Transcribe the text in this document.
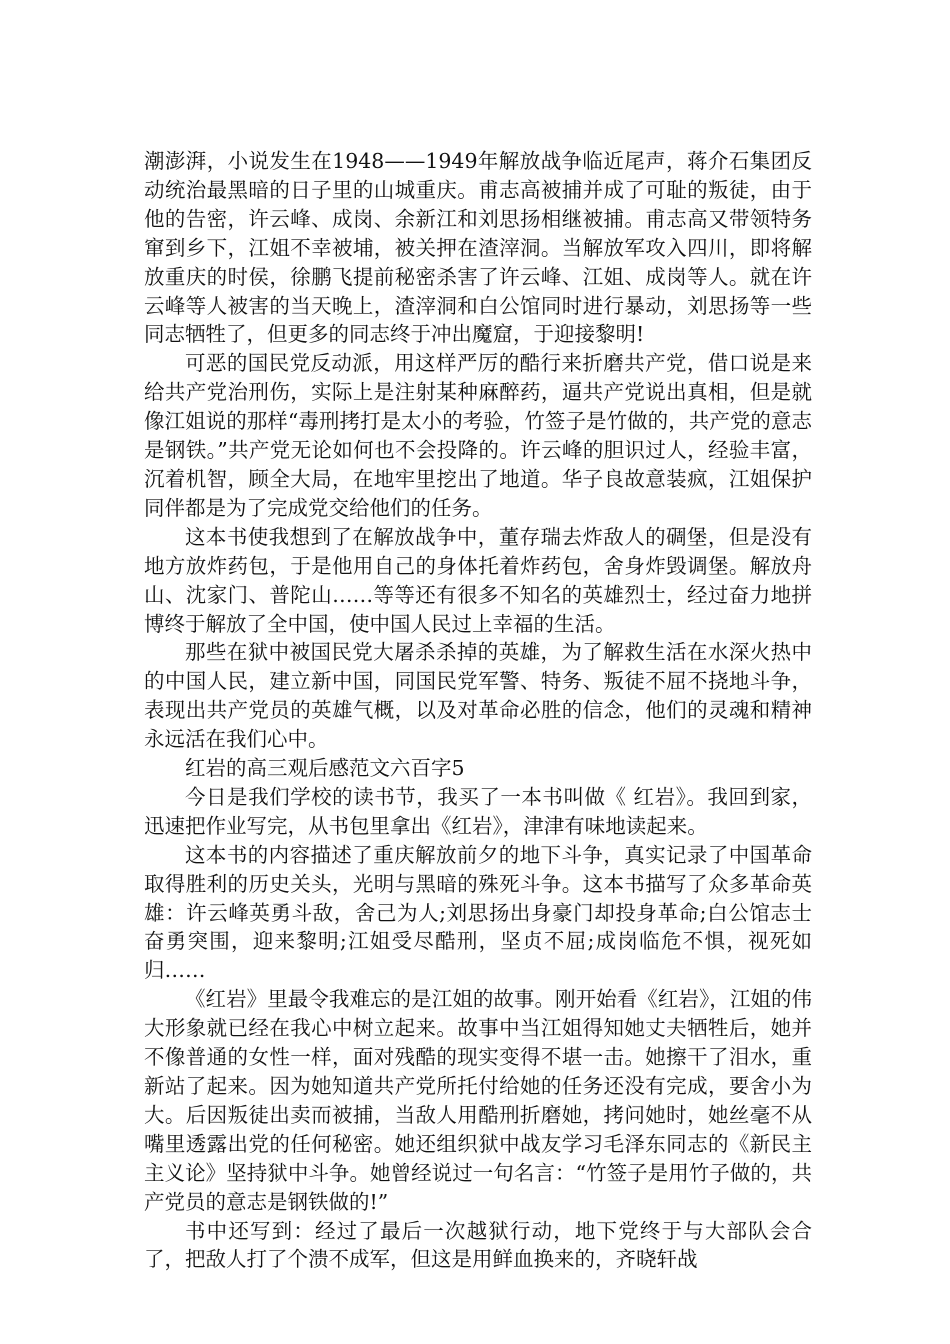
潮澎湃，小说发生在1948——1949年解放战争临近尾声，蒋介石集团反动统治最黑暗的日子里的山城重庆。甫志高被捕并成了可耻的叛徒，由于他的告密，许云峰、成岗、余新江和刘思扬相继被捕。甫志高又带领特务窜到乡下，江姐不幸被埔，被关押在渣滓洞。当解放军攻入四川，即将解放重庆的时侯，徐鹏飞提前秘密杀害了许云峰、江姐、成岗等人。就在许云峰等人被害的当天晚上，渣滓洞和白公馆同时进行暴动，刘思扬等一些同志牺牲了，但更多的同志终于冲出魔窟，于迎接黎明!

可恶的国民党反动派，用这样严厉的酷行来折磨共产党，借口说是来给共产党治刑伤，实际上是注射某种麻醉药，逼共产党说出真相，但是就像江姐说的那样“毒刑拷打是太小的考验，竹签子是竹做的，共产党的意志是钢铁。”共产党无论如何也不会投降的。许云峰的胆识过人，经验丰富，沉着机智，顾全大局，在地牢里挖出了地道。华子良故意装疯，江姐保护同伴都是为了完成党交给他们的任务。

这本书使我想到了在解放战争中，董存瑞去炸敌人的碉堡，但是没有地方放炸药包，于是他用自己的身体托着炸药包，舍身炸毁调堡。解放舟山、沈家门、普陀山……等等还有很多不知名的英雄烈士，经过奋力地拼博终于解放了全中国，使中国人民过上幸福的生活。

那些在狱中被国民党大屠杀杀掉的英雄，为了解救生活在水深火热中的中国人民，建立新中国，同国民党军警、特务、叛徒不屈不挠地斗争，表现出共产党员的英雄气概，以及对革命必胜的信念，他们的灵魂和精神永远活在我们心中。

红岩的高三观后感范文六百字5

今日是我们学校的读书节，我买了一本书叫做《 红岩》。我回到家，迅速把作业写完，从书包里拿出《红岩》，津津有味地读起来。

这本书的内容描述了重庆解放前夕的地下斗争，真实记录了中国革命取得胜利的历史关头，光明与黑暗的殊死斗争。这本书描写了众多革命英雄：许云峰英勇斗敌，舍己为人;刘思扬出身豪门却投身革命;白公馆志士奋勇突围，迎来黎明;江姐受尽酷刑，坚贞不屈;成岗临危不惧，视死如归……

《红岩》里最令我难忘的是江姐的故事。刚开始看《红岩》，江姐的伟大形象就已经在我心中树立起来。故事中当江姐得知她丈夫牺牲后，她并不像普通的女性一样，面对残酷的现实变得不堪一击。她擦干了泪水，重新站了起来。因为她知道共产党所托付给她的任务还没有完成，要舍小为大。后因叛徒出卖而被捕，当敌人用酷刑折磨她，拷问她时，她丝毫不从嘴里透露出党的任何秘密。她还组织狱中战友学习毛泽东同志的《新民主主义论》坚持狱中斗争。她曾经说过一句名言：“竹签子是用竹子做的，共产党员的意志是钢铁做的!”

书中还写到：经过了最后一次越狱行动，地下党终于与大部队会合了，把敌人打了个溃不成军，但这是用鲜血换来的，齐晓轩战
